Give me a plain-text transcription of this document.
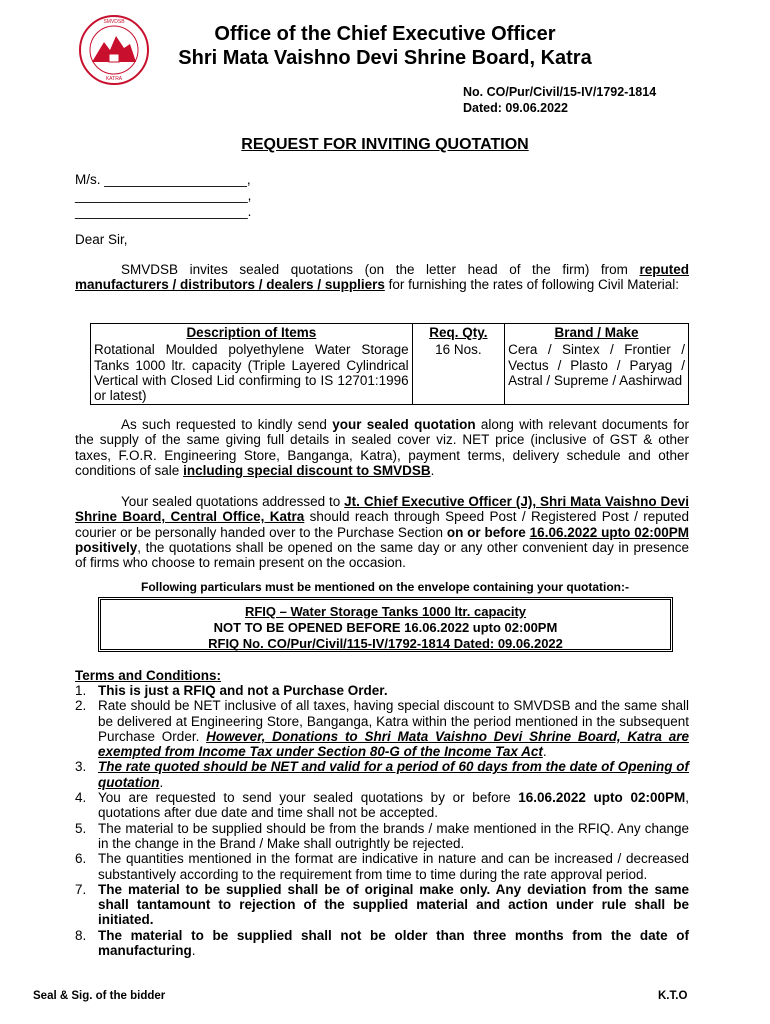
SMVDSB
KATRA
Office of the Chief Executive Officer
Shri Mata Vaishno Devi Shrine Board, Katra
No. CO/Pur/Civil/15-IV/1792-1814
Dated: 09.06.2022
REQUEST FOR INVITING QUOTATION
M/s. ___________________,
_______________________,
_______________________.
Dear Sir,
SMVDSB invites sealed quotations (on the letter head of the firm) from reputed manufacturers / distributors / dealers / suppliers for furnishing the rates of following Civil Material:
Description of Items	Req. Qty.	Brand / Make
Rotational Moulded polyethylene Water Storage Tanks 1000 ltr. capacity (Triple Layered Cylindrical Vertical with Closed Lid confirming to IS 12701:1996 or latest)	16 Nos.	Cera / Sintex / Frontier / Vectus / Plasto / Paryag / Astral / Supreme / Aashirwad
As such requested to kindly send your sealed quotation along with relevant documents for the supply of the same giving full details in sealed cover viz. NET price (inclusive of GST & other taxes, F.O.R. Engineering Store, Banganga, Katra), payment terms, delivery schedule and other conditions of sale including special discount to SMVDSB.
Your sealed quotations addressed to Jt. Chief Executive Officer (J), Shri Mata Vaishno Devi Shrine Board, Central Office, Katra should reach through Speed Post / Registered Post / reputed courier or be personally handed over to the Purchase Section on or before 16.06.2022 upto 02:00PM positively, the quotations shall be opened on the same day or any other convenient day in presence of firms who choose to remain present on the occasion.
Following particulars must be mentioned on the envelope containing your quotation:-
RFIQ – Water Storage Tanks 1000 ltr. capacity
NOT TO BE OPENED BEFORE 16.06.2022 upto 02:00PM
RFIQ No. CO/Pur/Civil/115-IV/1792-1814 Dated: 09.06.2022
Terms and Conditions:
1. This is just a RFIQ and not a Purchase Order.
2. Rate should be NET inclusive of all taxes, having special discount to SMVDSB and the same shall be delivered at Engineering Store, Banganga, Katra within the period mentioned in the subsequent Purchase Order. However, Donations to Shri Mata Vaishno Devi Shrine Board, Katra are exempted from Income Tax under Section 80-G of the Income Tax Act.
3. The rate quoted should be NET and valid for a period of 60 days from the date of Opening of quotation.
4. You are requested to send your sealed quotations by or before 16.06.2022 upto 02:00PM, quotations after due date and time shall not be accepted.
5. The material to be supplied should be from the brands / make mentioned in the RFIQ. Any change in the change in the Brand / Make shall outrightly be rejected.
6. The quantities mentioned in the format are indicative in nature and can be increased / decreased substantively according to the requirement from time to time during the rate approval period.
7. The material to be supplied shall be of original make only. Any deviation from the same shall tantamount to rejection of the supplied material and action under rule shall be initiated.
8. The material to be supplied shall not be older than three months from the date of manufacturing.
Seal & Sig. of the bidder	K.T.O
